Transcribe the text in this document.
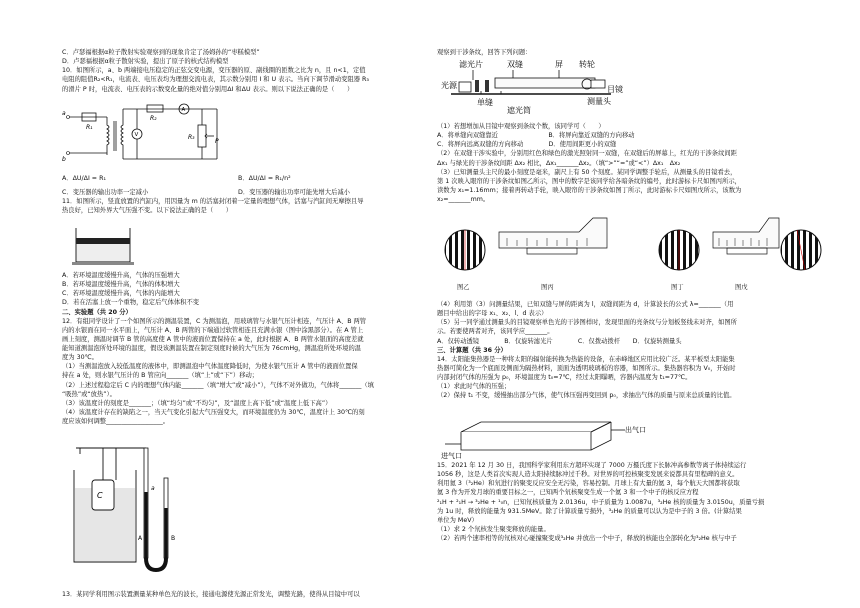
C．卢瑟福根据α粒子散射实验观察到的现象肯定了汤姆孙的“枣糕模型”
D．卢瑟福根据α粒子散射实验，提出了原子的核式结构模型
10．如图所示，a、b 两端接电压稳定的正弦交变电源，变压器的原、副线圈的匝数之比为 n，且 n<1，定值
电阻的阻值R₂<R₁，电流表、电压表均为理想交流电表，其示数分别用 I 和 U 表示。当向下调节滑动变阻器 R₃
的滑片 P 时，电流表、电压表的示数变化量的绝对值分别用ΔI 和ΔU 表示。则以下说法正确的是（　　）
a
b
R₁
R₂
A
V	R₃
P
A．ΔU/ΔI = R₁	B．ΔU/ΔI = R₁/n²
C．变压器的输出功率一定减小	D．变压器的输出功率可能先增大后减小
11．如图所示，竖直放置的汽缸内，用因量为 m 的活塞封闭着一定量的理想气体，活塞与汽缸间无摩擦且导
热良好，已知外界大气压强不变。以下说法正确的是（　　）
A．若环境温度缓慢升高，气体的压强增大
B．若环境温度缓慢升高，气体的体积增大
C．若环境温度缓慢升高，气体的内能增大
D．若在活塞上放一个重物，稳定后气体体积不变
二、实验题（共 20 分）
12．有组同学设计了一个如图所示的测温装置，C 为测温泡，用玻璃管与水银气压计相连，气压计 A、B 两管
内的水银面在同一水平面上，气压计 A、B 两管的下端通过软管相连且充满水银（图中涂黑部分）。在 A 管上
画上刻度，测温时调节 B 管的高度使 A 管中的液面位置保持在 a 处，此时根据 A、B 两管水银面的高度差就
能知道测温泡所处环境的温度，假设该测温装置在制定刻度时候的大气压为 76cmHg，测温泡所处环境的温
度为 30℃。
（1）当测温泡放入较低温度的液体中，即测温泡中气体温度降低时，为使水银气压计 A 管中的液面位置保
持在 a 处，则水银气压计的 B 管应向_______（填“上”或“下”）移动；
（2）上述过程稳定后 C 内的理想气体内能_______（填“增大”或“减小”），气体不对外做功，气体将_______（填
“吸热”或“放热”）。
（3）该温度计的刻度是_______；（填“均匀”或“不均匀”，及“温度上高下低”或“温度上低下高”）
（4）该温度计存在的缺陷之一，当天气变化引起大气压强变大，而环境温度仍为 30℃，温度计上 30℃的刻
度应该如何调整__________________。
C
a
A	B
13．某同学利用图示装置测量某种单色光的波长，接通电源使光源正常发光，调整光路，使得从目镜中可以
观察到干涉条纹，回答下列问题：
滤光片	双缝	屏 转轮
光源	目镜
测量头
单缝
遮光筒
（1）若想增加从目镜中观察到条纹个数，该同学可（　　）
A．将单缝向双缝靠近　　　　　　　　B．将屏向靠近双缝的方向移动
C．将屏向远离双缝的方向移动　　　　D．使用间距更小的双缝
（2）在双缝干涉实验中，分别用红色和绿色的激光照射同一双缝，在双缝后的屏幕上，红光的干涉条纹间距
Δx₁ 与绿光的干涉条纹间距 Δx₂ 相比，Δx₁_______Δx₂。（填“>”“=”或“<”）Δx₁　Δx₂
（3）已知测量头主尺的最小刻度是毫米，副尺上有 50 个刻度。某同学调整手轮后，从测量头的目镜看去，
第 1 次映入眼帘的干涉条纹如图乙所示，图中的数字是该同学给各暗条纹的编号，此时游标卡尺如图丙所示，
读数为 x₁=1.16mm；接着再转动手轮，映入眼帘的干涉条纹如图丁所示，此时游标卡尺如图戊所示，该数为
x₂=_______mm。
图乙	图丙	图丁	图戊
（4）利用第（3）问测量结果，已知双缝与屏的距离为 l，双缝间距为 d，计算波长的公式 λ=_______（用
题目中给出的字母 x₁、x₂、l、d 表示）
（5）另一同学通过测量头的目镜观察单色光的干涉图样时，发现里面的亮条纹与分划板竖线未对齐，如图所
示。若要使两者对齐，该同学应_______。
A．仅转动透镜　　　　B．仅旋转滤光片　　　　C．仅拨动拨杆　　D．仅旋转测量头
三、计算题（共 36 分）
14．太阳能集热器是一种将太阳的辐射能转换为热能的设备，在赤峰地区应用比较广泛。某平板型太阳能集
热器可简化为一个底面及侧面为隔热材料，顶面为透明玻璃板的容器，如图所示。集热器容积为 V₀，开始时
内部封闭气体的压强为 p₀，环境温度为 t₀=7℃，经过太阳曝晒，容器内温度为 t₁=77℃。
（1）求此时气体的压强；
（2）保持 t₁ 不变，缓慢抽出部分气体，使气体压强再变回到 p₀，求抽出气体的质量与原来总质量的比值。
出气口
进气口
15．2021 年 12 月 30 日，我国科学家利用东方超环实现了 7000 万摄氏度下长脉冲高参数等离子体持续运行
1056 秒，这是人类首次实现人造太阳持续脉冲过千秒。对世界的可控核聚变发展来说都具有里程碑的意义。
利用氦 3（³₂He）和氘进行的聚变反应安全无污染，容易控制。月球上有大量的氦 3，每个航天大国都将获取
氦 3 作为开发月球的重要目标之一，已知两个氘核聚变生成一个氦 3 和一个中子的核反应方程
²₁H + ²₁H → ³₂He + ¹₀n，已知氘核质量为 2.0136u，中子质量为 1.0087u，³₂He 核的质量为 3.0150u，质量亏损
为 1u 时，释放的能量为 931.5MeV。除了计算质量亏损外，³₂He 的质量可以认为是中子的 3 倍。(计算结果
单位为 MeV）
（1）求 2 个氘核发生聚变释放的能量。
（2）若两个速率相等的氘核对心碰撞聚变成³₂He 并放出一个中子，释放的核能也全部转化为³₂He 核与中子
